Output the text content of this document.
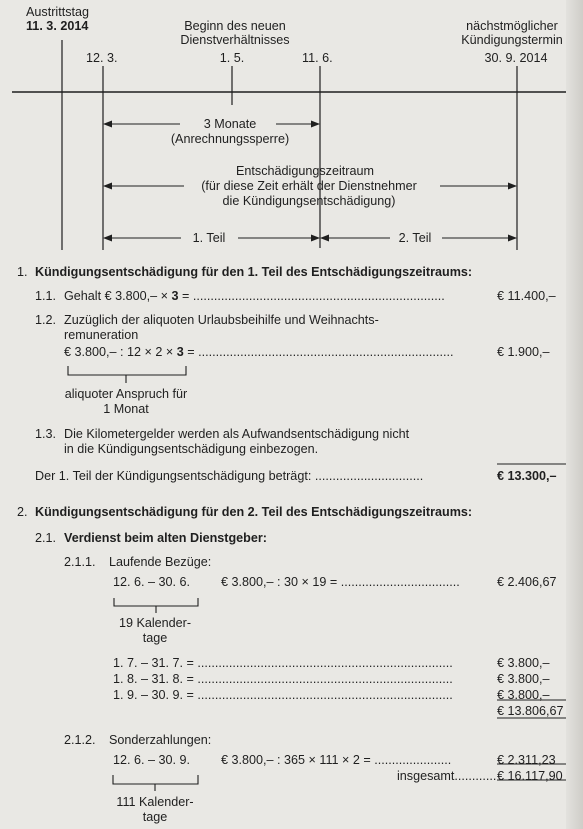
Austrittstag
11. 3. 2014	Beginn des neuen
Dienstverhältnisses
1. 5.
nächstmöglicher
Kündigungstermin
30. 9. 2014
12. 3.	11. 6.
3 Monate
(Anrechnungssperre)
Entschädigungszeitraum
(für diese Zeit erhält der Dienstnehmer
die Kündigungsentschädigung)
1. Teil	2. Teil
1. Kündigungsentschädigung für den 1. Teil des Entschädigungszeitraums:
1.1. Gehalt € 3.800,– × 3 = ........................................................................	€ 11.400,–
1.2. Zuzüglich der aliquoten Urlaubsbeihilfe und Weihnachts-
remuneration
€ 3.800,– : 12 × 2 × 3 = .........................................................................	€ 1.900,–
aliquoter Anspruch für
1 Monat
1.3. Die Kilometergelder werden als Aufwandsentschädigung nicht
in die Kündigungsentschädigung einbezogen.
Der 1. Teil der Kündigungsentschädigung beträgt: ...............................	€ 13.300,–
2. Kündigungsentschädigung für den 2. Teil des Entschädigungszeitraums:
2.1. Verdienst beim alten Dienstgeber:
2.1.1. Laufende Bezüge:
12. 6. – 30. 6. € 3.800,– : 30 × 19 = ..................................	€ 2.406,67
19 Kalender-
tage
1. 7. – 31. 7. = .........................................................................	€ 3.800,–
1. 8. – 31. 8. = .........................................................................	€ 3.800,–
1. 9. – 30. 9. = .........................................................................	€ 3.800,–
€ 13.806,67
2.1.2. Sonderzahlungen:
12. 6. – 30. 9. € 3.800,– : 365 × 111 × 2 = ......................	€ 2.311,23
insgesamt............ € 16.117,90
111 Kalender-
tage
